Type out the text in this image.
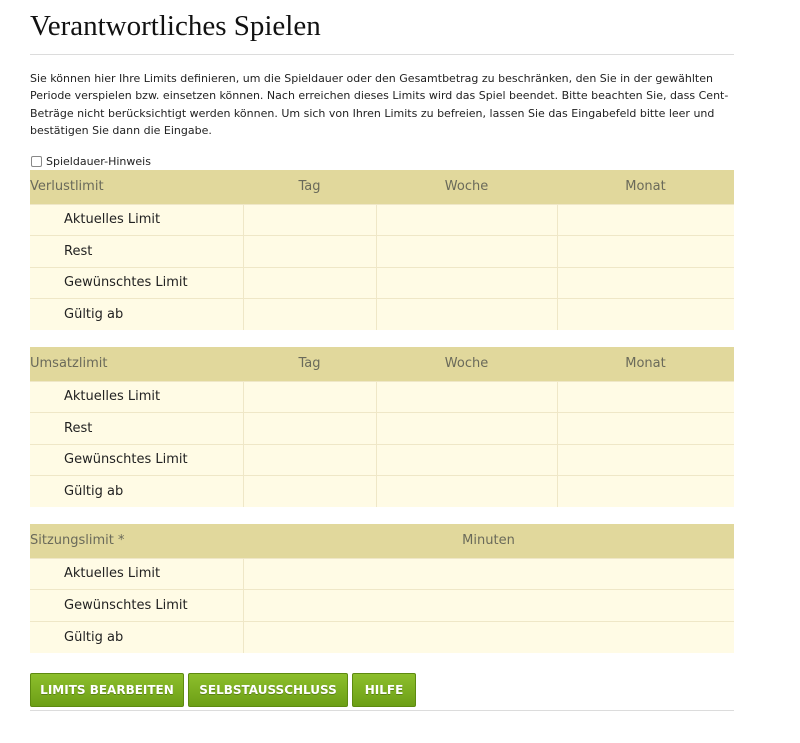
Verantwortliches Spielen

Sie können hier Ihre Limits definieren, um die Spieldauer oder den Gesamtbetrag zu beschränken, den Sie in der gewählten Periode verspielen bzw. einsetzen können. Nach erreichen dieses Limits wird das Spiel beendet. Bitte beachten Sie, dass Cent-Beträge nicht berücksichtigt werden können. Um sich von Ihren Limits zu befreien, lassen Sie das Eingabefeld bitte leer und bestätigen Sie dann die Eingabe.

Spieldauer-Hinweis
Verlustlimit	Tag	Woche	Monat
Aktuelles Limit			
Rest			
Gewünschtes Limit			
Gültig ab			
Umsatzlimit	Tag	Woche	Monat
Aktuelles Limit			
Rest			
Gewünschtes Limit			
Gültig ab			
Sitzungslimit *	Minuten
Aktuelles Limit	
Gewünschtes Limit	
Gültig ab	
LIMITS BEARBEITEN	SELBSTAUSSCHLUSS	HILFE
